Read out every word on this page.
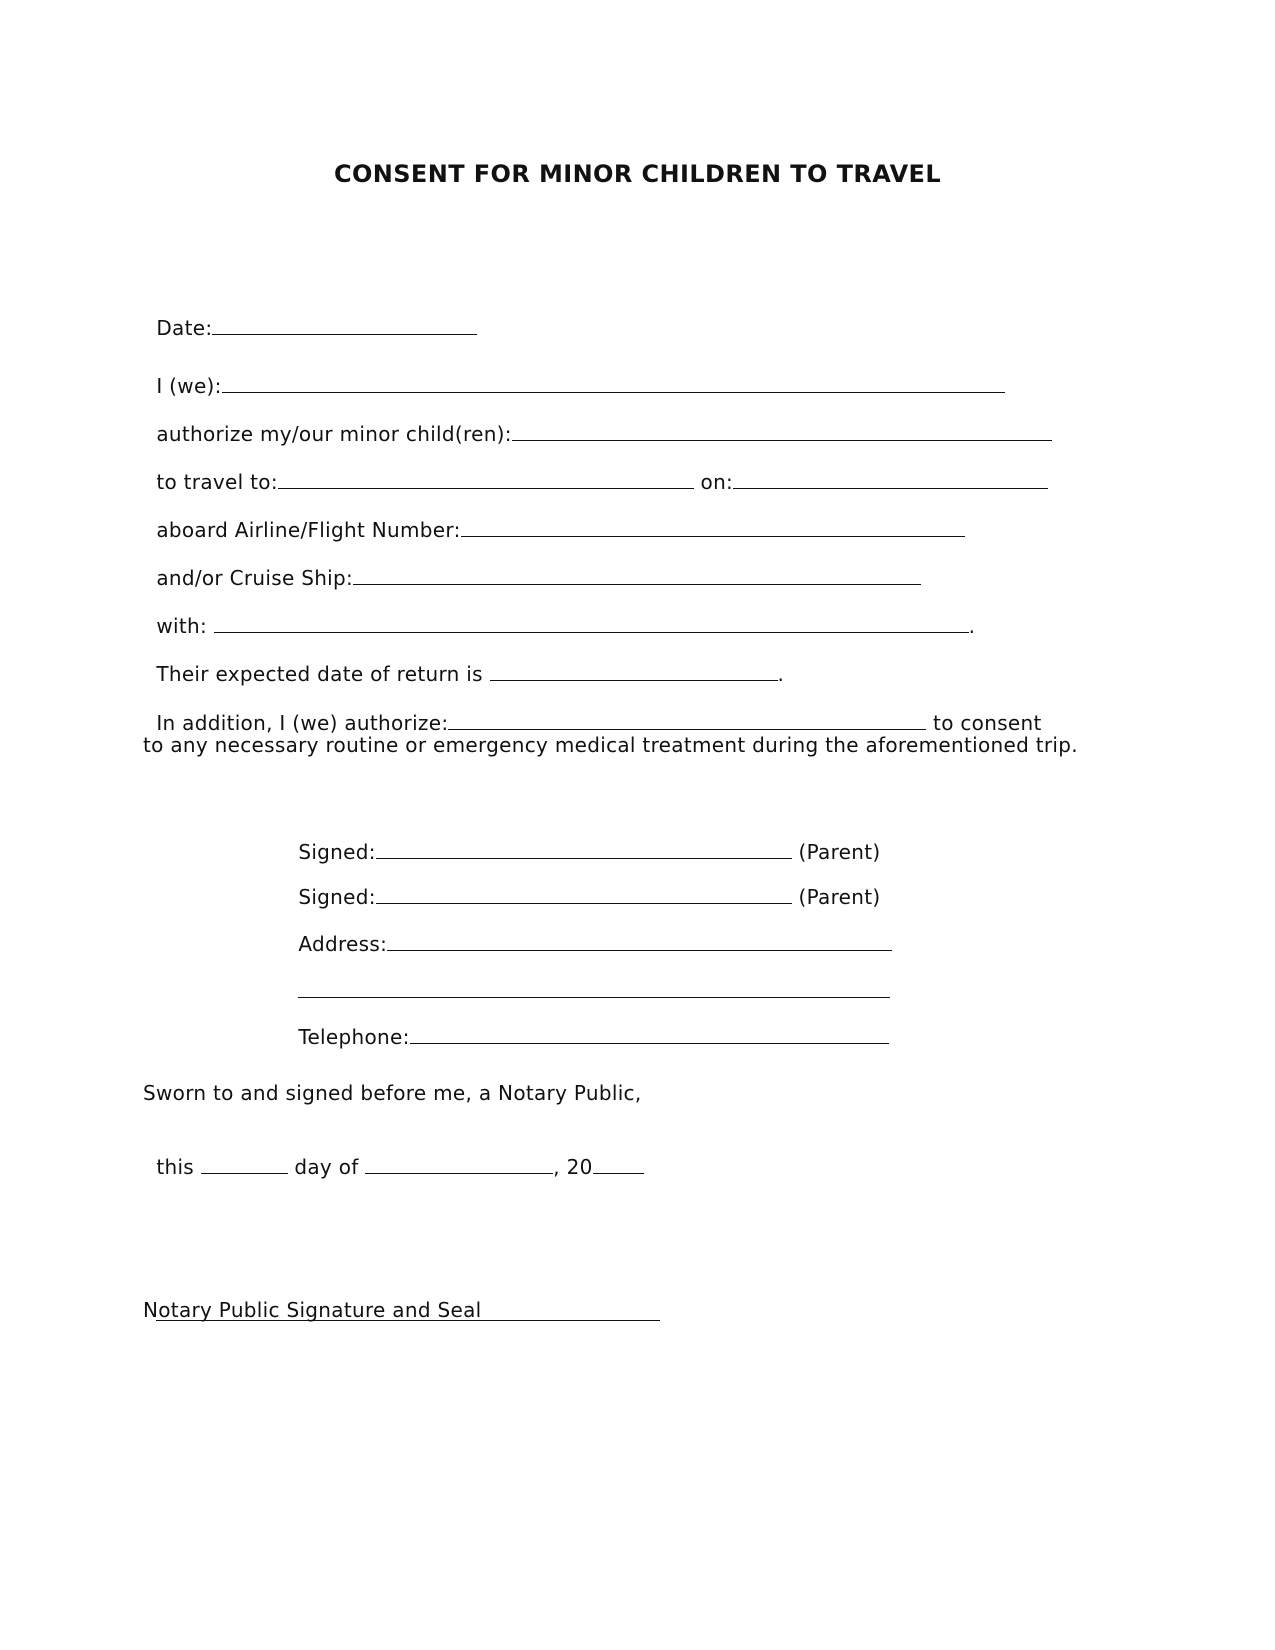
CONSENT FOR MINOR CHILDREN TO TRAVEL

Date:

I (we):

authorize my/our minor child(ren):

to travel to:	on:

aboard Airline/Flight Number:

and/or Cruise Ship:

with:	.

Their expected date of return is	.

In addition, I (we) authorize:	to consent

to any necessary routine or emergency medical treatment during the aforementioned trip.

Signed:	(Parent)

Signed:	(Parent)

Address:

Telephone:

Sworn to and signed before me, a Notary Public,

this	day of	, 20

Notary Public Signature and Seal
